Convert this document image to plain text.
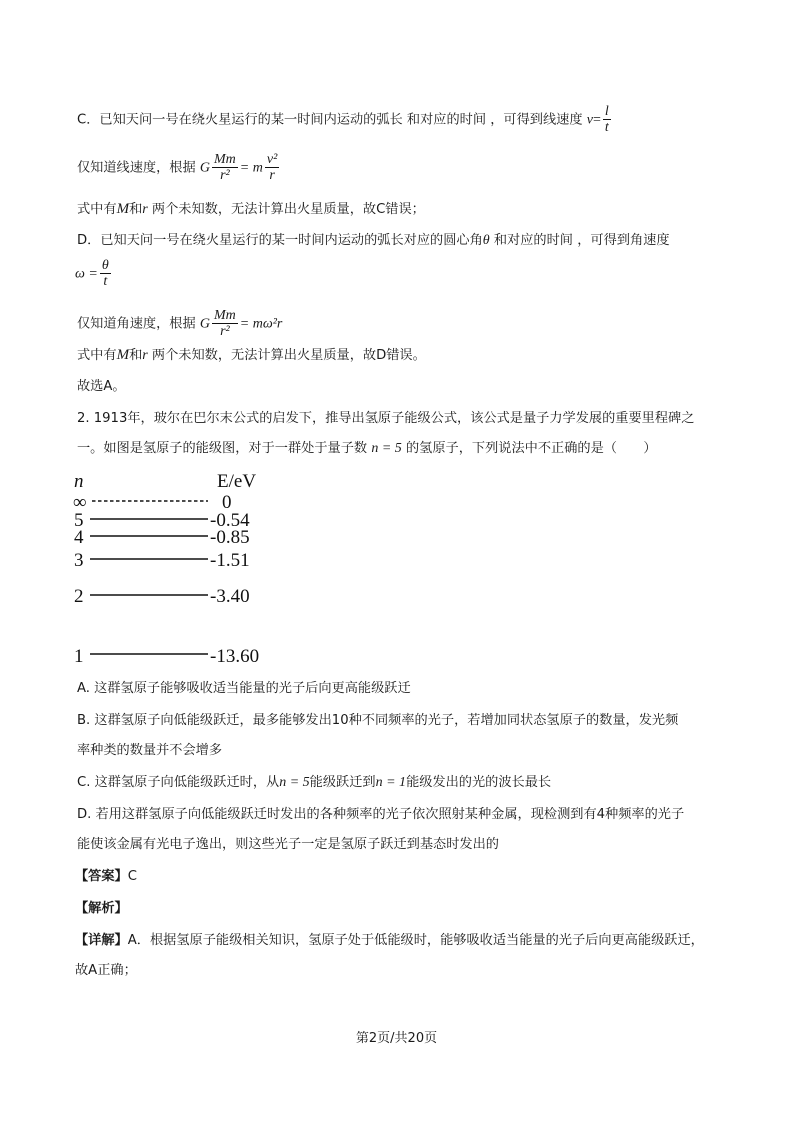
C．已知天问一号在绕火星运行的某一时间内运动的弧长 和对应的时间 ，可得到线速度 $v= \frac{l}{t}$
仅知道线速度，根据 G $\frac{Mm}{\text{r²}} = m \frac{\text{v²}}{r}$
式中有M和r 两个未知数，无法计算出火星质量，故C错误；
D．已知天问一号在绕火星运行的某一时间内运动的弧长对应的圆心角θ 和对应的时间 ，可得到角速度
$\omega = \frac{\theta}{t}$
仅知道角速度，根据 G $\frac{Mm}{\text{r²}} = m\omega^2r$
式中有M和r 两个未知数，无法计算出火星质量，故D错误。
故选A。
2. 1913年，玻尔在巴尔末公式的启发下，推导出氢原子能级公式，该公式是量子力学发展的重要里程碑之
一。如图是氢原子的能级图，对于一群处于量子数 n = 5 的氢原子，下列说法中不正确的是（　　）
n	E/eV
∞	0
5	-0.54
4	-0.85
3	-1.51
2	-3.40
1	-13.60
A. 这群氢原子能够吸收适当能量的光子后向更高能级跃迁
B. 这群氢原子向低能级跃迁，最多能够发出10种不同频率的光子，若增加同状态氢原子的数量，发光频
率种类的数量并不会增多
C. 这群氢原子向低能级跃迁时，从n = 5能级跃迁到n = 1能级发出的光的波长最长
D. 若用这群氢原子向低能级跃迁时发出的各种频率的光子依次照射某种金属，现检测到有4种频率的光子
能使该金属有光电子逸出，则这些光子一定是氢原子跃迁到基态时发出的
【答案】C
【解析】
【详解】A．根据氢原子能级相关知识，氢原子处于低能级时，能够吸收适当能量的光子后向更高能级跃迁，
故A正确；
第2页/共20页
